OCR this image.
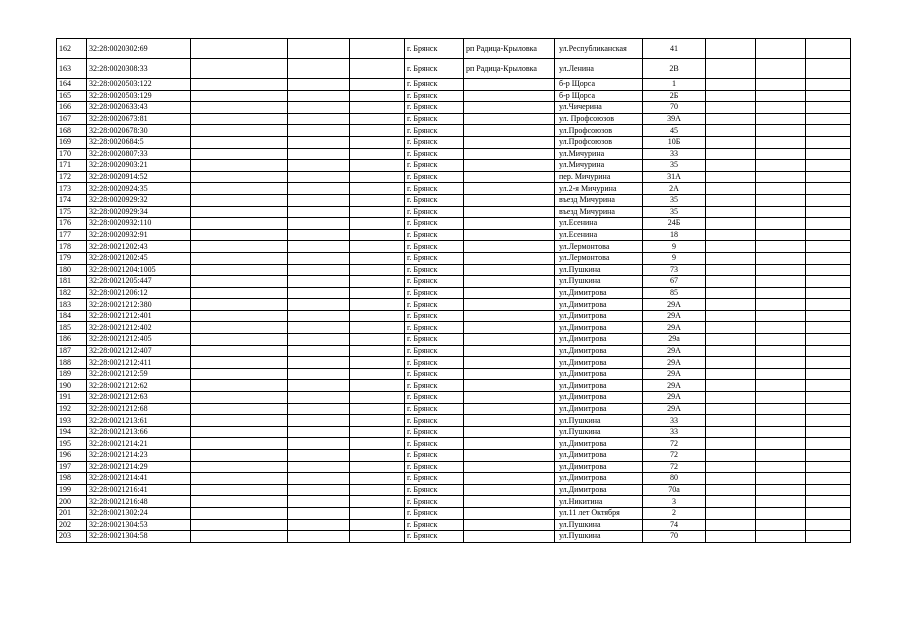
162	32:28:0020302:69				г. Брянск	рп Радица-Крыловка	ул.Республиканская	41			
163	32:28:0020308:33				г. Брянск	рп Радица-Крыловка	ул.Ленина	2В			
164	32:28:0020503:122				г. Брянск		б-р Щорса	1			
165	32:28:0020503:129				г. Брянск		б-р Щорса	2Б			
166	32:28:0020633:43				г. Брянск		ул.Чичерина	70			
167	32:28:0020673:81				г. Брянск		ул. Профсоюзов	39А			
168	32:28:0020678:30				г. Брянск		ул.Профсоюзов	45			
169	32:28:0020684:5				г. Брянск		ул.Профсоюзов	10Б			
170	32:28:0020807:33				г. Брянск		ул.Мичурина	33			
171	32:28:0020903:21				г. Брянск		ул.Мичурина	35			
172	32:28:0020914:52				г. Брянск		пер. Мичурина	31А			
173	32:28:0020924:35				г. Брянск		ул.2-я Мичурина	2А			
174	32:28:0020929:32				г. Брянск		въезд Мичурина	35			
175	32:28:0020929:34				г. Брянск		въезд Мичурина	35			
176	32:28:0020932:110				г. Брянск		ул.Есенина	24Б			
177	32:28:0020932:91				г. Брянск		ул.Есенина	18			
178	32:28:0021202:43				г. Брянск		ул.Лермонтова	9			
179	32:28:0021202:45				г. Брянск		ул.Лермонтова	9			
180	32:28:0021204:1005				г. Брянск		ул.Пушкина	73			
181	32:28:0021205:447				г. Брянск		ул.Пушкина	67			
182	32:28:0021206:12				г. Брянск		ул.Димитрова	85			
183	32:28:0021212:380				г. Брянск		ул.Димитрова	29А			
184	32:28:0021212:401				г. Брянск		ул.Димитрова	29А			
185	32:28:0021212:402				г. Брянск		ул.Димитрова	29А			
186	32:28:0021212:405				г. Брянск		ул.Димитрова	29а			
187	32:28:0021212:407				г. Брянск		ул.Димитрова	29А			
188	32:28:0021212:411				г. Брянск		ул.Димитрова	29А			
189	32:28:0021212:59				г. Брянск		ул.Димитрова	29А			
190	32:28:0021212:62				г. Брянск		ул.Димитрова	29А			
191	32:28:0021212:63				г. Брянск		ул.Димитрова	29А			
192	32:28:0021212:68				г. Брянск		ул.Димитрова	29А			
193	32:28:0021213:61				г. Брянск		ул.Пушкина	33			
194	32:28:0021213:66				г. Брянск		ул.Пушкина	33			
195	32:28:0021214:21				г. Брянск		ул.Димитрова	72			
196	32:28:0021214:23				г. Брянск		ул.Димитрова	72			
197	32:28:0021214:29				г. Брянск		ул.Димитрова	72			
198	32:28:0021214:41				г. Брянск		ул.Димитрова	80			
199	32:28:0021216:41				г. Брянск		ул.Димитрова	70а			
200	32:28:0021216:48				г. Брянск		ул.Никитина	3			
201	32:28:0021302:24				г. Брянск		ул.11 лет Октября	2			
202	32:28:0021304:53				г. Брянск		ул.Пушкина	74			
203	32:28:0021304:58				г. Брянск		ул.Пушкина	70			
